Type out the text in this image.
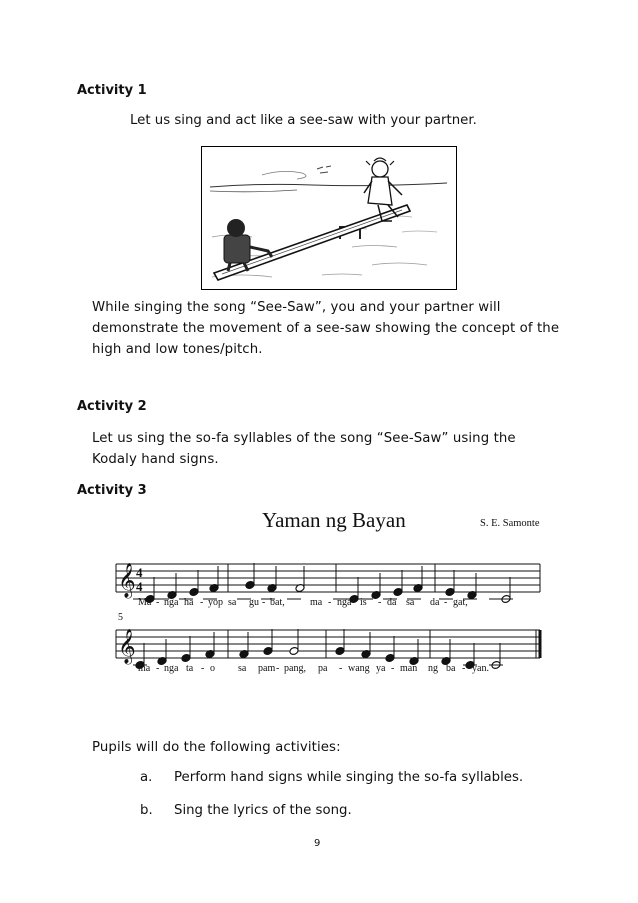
Activity 1
Let us sing and act like a see-saw with your partner.
While singing the song “See-Saw”, you and your partner will demonstrate the movement of a see-saw showing the concept of the high and low tones/pitch.
Activity 2
Let us sing the so-fa syllables of the song “See-Saw” using the Kodaly hand signs.
Activity 3
Yaman ng Bayan	S. E. Samonte
5
𝄞
𝄞
4
4
Ma - nga ha - yop sa gu - bat,	ma - nga is - da sa da - gat,
ma - nga ta - o sa pam - pang, pa - wang ya - man ng ba - yan.
Pupils will do the following activities:
a. Perform hand signs while singing the so-fa syllables.
b. Sing the lyrics of the song.
9
